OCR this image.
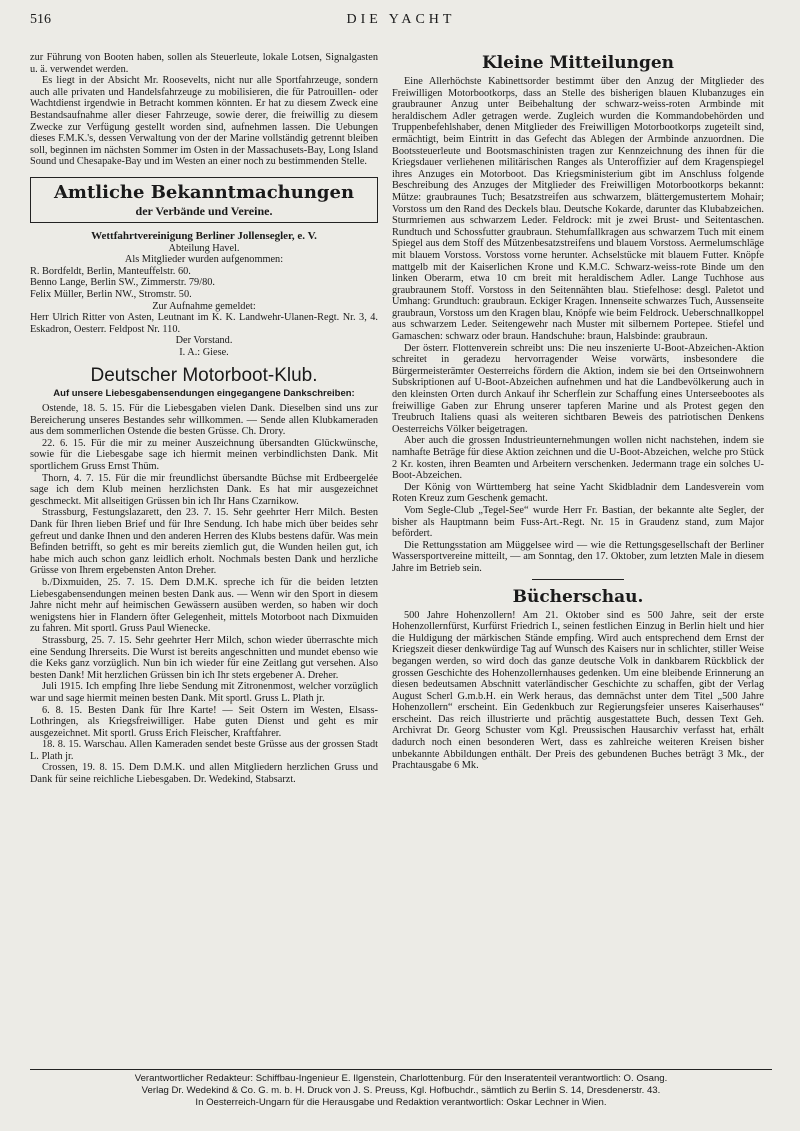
516	DIE YACHT

zur Führung von Booten haben, sollen als Steuerleute, lokale Lotsen, Signalgasten u. ä. verwendet werden.

Es liegt in der Absicht Mr. Roosevelts, nicht nur alle Sportfahrzeuge, sondern auch alle privaten und Handelsfahrzeuge zu mobilisieren, die für Patrouillen- oder Wachtdienst irgendwie in Betracht kommen könnten. Er hat zu diesem Zweck eine Bestandsaufnahme aller dieser Fahrzeuge, sowie derer, die freiwillig zu diesem Zwecke zur Verfügung gestellt worden sind, aufnehmen lassen. Die Uebungen dieses F.M.K.'s, dessen Verwaltung von der der Marine vollständig getrennt bleiben soll, beginnen im nächsten Sommer im Osten in der Massachusets-Bay, Long Island Sound und Chesapake-Bay und im Westen an einer noch zu bestimmenden Stelle.

Amtliche Bekanntmachungen
der Verbände und Vereine.

Wettfahrtvereinigung Berliner Jollensegler, e. V.

Abteilung Havel.

Als Mitglieder wurden aufgenommen:

R. Bordfeldt, Berlin, Manteuffelstr. 60.

Benno Lange, Berlin SW., Zimmerstr. 79/80.

Felix Müller, Berlin NW., Stromstr. 50.

Zur Aufnahme gemeldet:

Herr Ulrich Ritter von Asten, Leutnant im K. K. Landwehr-Ulanen-Regt. Nr. 3, 4. Eskadron, Oesterr. Feldpost Nr. 110.

Der Vorstand.

I. A.: Giese.

Deutscher Motorboot-Klub.
Auf unsere Liebesgabensendungen eingegangene Dankschreiben:

Ostende, 18. 5. 15. Für die Liebesgaben vielen Dank. Dieselben sind uns zur Bereicherung unseres Bestandes sehr willkommen. — Sende allen Klubkameraden aus dem sommerlichen Ostende die besten Grüsse. Ch. Drory.

22. 6. 15. Für die mir zu meiner Auszeichnung übersandten Glückwünsche, sowie für die Liebesgabe sage ich hiermit meinen verbindlichsten Dank. Mit sportlichem Gruss Ernst Thüm.

Thorn, 4. 7. 15. Für die mir freundlichst übersandte Büchse mit Erdbeergelée sage ich dem Klub meinen herzlichsten Dank. Es hat mir ausgezeichnet geschmeckt. Mit allseitigen Grüssen bin ich Ihr Hans Czarnikow.

Strassburg, Festungslazarett, den 23. 7. 15. Sehr geehrter Herr Milch. Besten Dank für Ihren lieben Brief und für Ihre Sendung. Ich habe mich über beides sehr gefreut und danke Ihnen und den anderen Herren des Klubs bestens dafür. Was mein Befinden betrifft, so geht es mir bereits ziemlich gut, die Wunden heilen gut, ich habe mich auch schon ganz leidlich erholt. Nochmals besten Dank und herzliche Grüsse von Ihrem ergebensten Anton Dreher.

b./Dixmuiden, 25. 7. 15. Dem D.M.K. spreche ich für die beiden letzten Liebesgabensendungen meinen besten Dank aus. — Wenn wir den Sport in diesem Jahre nicht mehr auf heimischen Gewässern ausüben werden, so haben wir doch wenigstens hier in Flandern öfter Gelegenheit, mittels Motorboot nach Dixmuiden zu fahren. Mit sportl. Gruss Paul Wienecke.

Strassburg, 25. 7. 15. Sehr geehrter Herr Milch, schon wieder überraschte mich eine Sendung Ihrerseits. Die Wurst ist bereits angeschnitten und mundet ebenso wie die Keks ganz vorzüglich. Nun bin ich wieder für eine Zeitlang gut versehen. Also besten Dank! Mit herzlichen Grüssen bin ich Ihr stets ergebener A. Dreher.

Juli 1915. Ich empfing Ihre liebe Sendung mit Zitronenmost, welcher vorzüglich war und sage hiermit meinen besten Dank. Mit sportl. Gruss L. Plath jr.

6. 8. 15. Besten Dank für Ihre Karte! — Seit Ostern im Westen, Elsass-Lothringen, als Kriegsfreiwilliger. Habe guten Dienst und geht es mir ausgezeichnet. Mit sportl. Gruss Erich Fleischer, Kraftfahrer.

18. 8. 15. Warschau. Allen Kameraden sendet beste Grüsse aus der grossen Stadt L. Plath jr.

Crossen, 19. 8. 15. Dem D.M.K. und allen Mitgliedern herzlichen Gruss und Dank für seine reichliche Liebesgaben. Dr. Wedekind, Stabsarzt.

Kleine Mitteilungen

Eine Allerhöchste Kabinettsorder bestimmt über den Anzug der Mitglieder des Freiwilligen Motorbootkorps, dass an Stelle des bisherigen blauen Klubanzuges ein graubrauner Anzug unter Beibehaltung der schwarz-weiss-roten Armbinde mit heraldischem Adler getragen werde. Zugleich wurden die Kommandobehörden und Truppenbefehlshaber, denen Mitglieder des Freiwilligen Motorbootkorps zugeteilt sind, ermächtigt, beim Eintritt in das Gefecht das Ablegen der Armbinde anzuordnen. Die Bootssteuerleute und Bootsmaschinisten tragen zur Kennzeichnung des ihnen für die Kriegsdauer verliehenen militärischen Ranges als Unteroffizier auf dem Kragenspiegel ihres Anzuges ein Motorboot. Das Kriegsministerium gibt im Anschluss folgende Beschreibung des Anzuges der Mitglieder des Freiwilligen Motorbootkorps bekannt: Mütze: graubraunes Tuch; Besatzstreifen aus schwarzem, blättergemustertem Mohair; Vorstoss um den Rand des Deckels blau. Deutsche Kokarde, darunter das Klubabzeichen. Sturmriemen aus schwarzem Leder. Feldrock: mit je zwei Brust- und Seitentaschen. Rundtuch und Schossfutter graubraun. Stehumfallkragen aus schwarzem Tuch mit einem Spiegel aus dem Stoff des Mützenbesatzstreifens und blauem Vorstoss. Aermelumschläge mit blauem Vorstoss. Vorstoss vorne herunter. Achselstücke mit blauem Futter. Knöpfe mattgelb mit der Kaiserlichen Krone und K.M.C. Schwarz-weiss-rote Binde um den linken Oberarm, etwa 10 cm breit mit heraldischem Adler. Lange Tuchhose aus graubraunem Stoff. Vorstoss in den Seitennähten blau. Stiefelhose: desgl. Paletot und Umhang: Grundtuch: graubraun. Eckiger Kragen. Innenseite schwarzes Tuch, Aussenseite graubraun, Vorstoss um den Kragen blau, Knöpfe wie beim Feldrock. Ueberschnallkoppel aus schwarzem Leder. Seitengewehr nach Muster mit silbernem Portepee. Stiefel und Gamaschen: schwarz oder braun. Handschuhe: braun, Halsbinde: graubraun.

Der österr. Flottenverein schreibt uns: Die neu inszenierte U-Boot-Abzeichen-Aktion schreitet in geradezu hervorragender Weise vorwärts, insbesondere die Bürgermeisterämter Oesterreichs fördern die Aktion, indem sie bei den Ortseinwohnern Subskriptionen auf U-Boot-Abzeichen aufnehmen und hat die Landbevölkerung auch in den kleinsten Orten durch Ankauf ihr Scherflein zur Schaffung eines Unterseebootes als freiwillige Gaben zur Ehrung unserer tapferen Marine und als Protest gegen den Treubruch Italiens quasi als weiteren sichtbaren Beweis des patriotischen Denkens Oesterreichs Völker beigetragen.

Aber auch die grossen Industrieunternehmungen wollen nicht nachstehen, indem sie namhafte Beträge für diese Aktion zeichnen und die U-Boot-Abzeichen, welche pro Stück 2 Kr. kosten, ihren Beamten und Arbeitern verschenken. Jedermann trage ein solches U-Boot-Abzeichen.

Der König von Württemberg hat seine Yacht Skidbladnir dem Landesverein vom Roten Kreuz zum Geschenk gemacht.

Vom Segle-Club „Tegel-See“ wurde Herr Fr. Bastian, der bekannte alte Segler, der bisher als Hauptmann beim Fuss-Art.-Regt. Nr. 15 in Graudenz stand, zum Major befördert.

Die Rettungsstation am Müggelsee wird — wie die Rettungsgesellschaft der Berliner Wassersportvereine mitteilt, — am Sonntag, den 17. Oktober, zum letzten Male in diesem Jahre im Betrieb sein.

Bücherschau.

500 Jahre Hohenzollern! Am 21. Oktober sind es 500 Jahre, seit der erste Hohenzollernfürst, Kurfürst Friedrich I., seinen festlichen Einzug in Berlin hielt und hier die Huldigung der märkischen Stände empfing. Wird auch entsprechend dem Ernst der Kriegszeit dieser denkwürdige Tag auf Wunsch des Kaisers nur in schlichter, stiller Weise begangen werden, so wird doch das ganze deutsche Volk in dankbarem Rückblick der grossen Geschichte des Hohenzollernhauses gedenken. Um eine bleibende Erinnerung an diesen bedeutsamen Abschnitt vaterländischer Geschichte zu schaffen, gibt der Verlag August Scherl G.m.b.H. ein Werk heraus, das demnächst unter dem Titel „500 Jahre Hohenzollern“ erscheint. Ein Gedenkbuch zur Regierungsfeier unseres Kaiserhauses“ erscheint. Das reich illustrierte und prächtig ausgestattete Buch, dessen Text Geh. Archivrat Dr. Georg Schuster vom Kgl. Preussischen Hausarchiv verfasst hat, erhält dadurch noch einen besonderen Wert, dass es zahlreiche weiteren Kreisen bisher unbekannte Abbildungen enthält. Der Preis des gebundenen Buches beträgt 3 Mk., der Prachtausgabe 6 Mk.

Verantwortlicher Redakteur: Schiffbau-Ingenieur E. Ilgenstein, Charlottenburg. Für den Inseratenteil verantwortlich: O. Osang.
Verlag Dr. Wedekind & Co. G. m. b. H. Druck von J. S. Preuss, Kgl. Hofbuchdr., sämtlich zu Berlin S. 14, Dresdenerstr. 43.
In Oesterreich-Ungarn für die Herausgabe und Redaktion verantwortlich: Oskar Lechner in Wien.
